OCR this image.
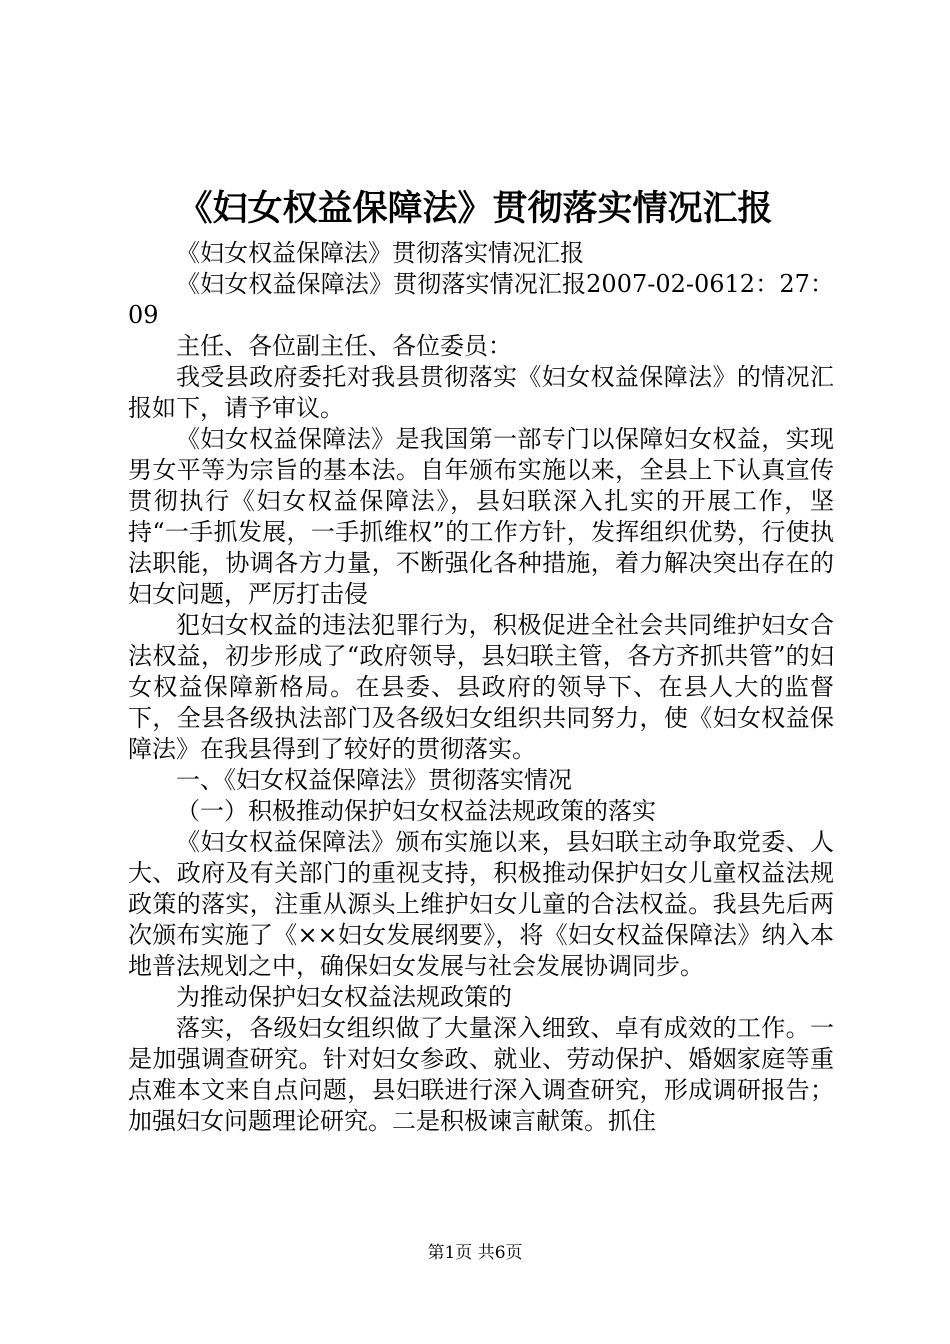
《妇女权益保障法》贯彻落实情况汇报

《妇女权益保障法》贯彻落实情况汇报

《妇女权益保障法》贯彻落实情况汇报2007-02-0612：27：09

主任、各位副主任、各位委员：

我受县政府委托对我县贯彻落实《妇女权益保障法》的情况汇报如下，请予审议。

《妇女权益保障法》是我国第一部专门以保障妇女权益，实现男女平等为宗旨的基本法。自年颁布实施以来，全县上下认真宣传贯彻执行《妇女权益保障法》，县妇联深入扎实的开展工作，坚持“一手抓发展，一手抓维权”的工作方针，发挥组织优势，行使执法职能，协调各方力量，不断强化各种措施，着力解决突出存在的妇女问题，严厉打击侵

犯妇女权益的违法犯罪行为，积极促进全社会共同维护妇女合法权益，初步形成了“政府领导，县妇联主管，各方齐抓共管”的妇女权益保障新格局。在县委、县政府的领导下、在县人大的监督下，全县各级执法部门及各级妇女组织共同努力，使《妇女权益保障法》在我县得到了较好的贯彻落实。

一、《妇女权益保障法》贯彻落实情况

（一）积极推动保护妇女权益法规政策的落实

《妇女权益保障法》颁布实施以来，县妇联主动争取党委、人大、政府及有关部门的重视支持，积极推动保护妇女儿童权益法规政策的落实，注重从源头上维护妇女儿童的合法权益。我县先后两次颁布实施了《××妇女发展纲要》，将《妇女权益保障法》纳入本地普法规划之中，确保妇女发展与社会发展协调同步。

为推动保护妇女权益法规政策的

落实，各级妇女组织做了大量深入细致、卓有成效的工作。一是加强调查研究。针对妇女参政、就业、劳动保护、婚姻家庭等重点难本文来自点问题，县妇联进行深入调查研究，形成调研报告；加强妇女问题理论研究。二是积极谏言献策。抓住

第1页 共6页
